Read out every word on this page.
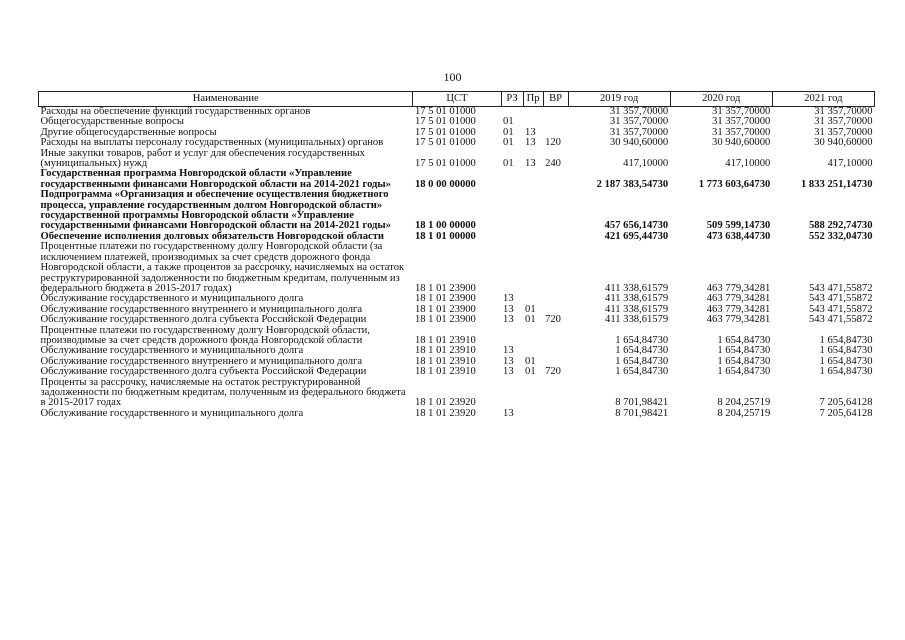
100
Наименование	ЦСТ	РЗ	Пр	ВР	2019 год	2020 год	2021 год
Расходы на обеспечение функций государственных органов	17 5 01 01000				31 357,70000	31 357,70000	31 357,70000
Общегосударственные вопросы	17 5 01 01000	01			31 357,70000	31 357,70000	31 357,70000
Другие общегосударственные вопросы	17 5 01 01000	01	13		31 357,70000	31 357,70000	31 357,70000
Расходы на выплаты персоналу государственных (муниципальных) органов	17 5 01 01000	01	13	120	30 940,60000	30 940,60000	30 940,60000
Иные закупки товаров, работ и услуг для обеспечения государственных (муниципальных) нужд	17 5 01 01000	01	13	240	417,10000	417,10000	417,10000
Государственная программа Новгородской области «Управление государственными финансами Новгородской области на 2014-2021 годы»	18 0 00 00000				2 187 383,54730	1 773 603,64730	1 833 251,14730
Подпрограмма «Организация и обеспечение осуществления бюджетного процесса, управление государственным долгом Новгородской области» государственной программы Новгородской области «Управление государственными финансами Новгородской области на 2014-2021 годы»	18 1 00 00000				457 656,14730	509 599,14730	588 292,74730
Обеспечение исполнения долговых обязательств Новгородской области	18 1 01 00000				421 695,44730	473 638,44730	552 332,04730
Процентные платежи по государственному долгу Новгородской области (за исключением платежей, производимых за счет средств дорожного фонда Новгородской области, а также процентов за рассрочку, начисляемых на остаток реструктурированной задолженности по бюджетным кредитам, полученным из федерального бюджета в 2015-2017 годах)	18 1 01 23900				411 338,61579	463 779,34281	543 471,55872
Обслуживание государственного и муниципального долга	18 1 01 23900	13			411 338,61579	463 779,34281	543 471,55872
Обслуживание государственного внутреннего и муниципального долга	18 1 01 23900	13	01		411 338,61579	463 779,34281	543 471,55872
Обслуживание государственного долга субъекта Российской Федерации	18 1 01 23900	13	01	720	411 338,61579	463 779,34281	543 471,55872
Процентные платежи по государственному долгу Новгородской области, производимые за счет средств дорожного фонда Новгородской области	18 1 01 23910				1 654,84730	1 654,84730	1 654,84730
Обслуживание государственного и муниципального долга	18 1 01 23910	13			1 654,84730	1 654,84730	1 654,84730
Обслуживание государственного внутреннего и муниципального долга	18 1 01 23910	13	01		1 654,84730	1 654,84730	1 654,84730
Обслуживание государственного долга субъекта Российской Федерации	18 1 01 23910	13	01	720	1 654,84730	1 654,84730	1 654,84730
Проценты за рассрочку, начисляемые на остаток реструктурированной задолженности по бюджетным кредитам, полученным из федерального бюджета в 2015-2017 годах	18 1 01 23920				8 701,98421	8 204,25719	7 205,64128
Обслуживание государственного и муниципального долга	18 1 01 23920	13			8 701,98421	8 204,25719	7 205,64128
